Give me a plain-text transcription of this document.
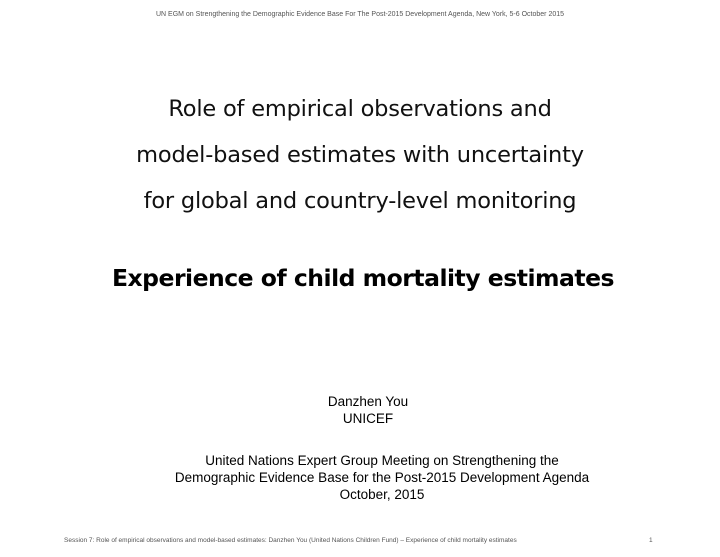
UN EGM on Strengthening the Demographic Evidence Base For The Post-2015 Development Agenda, New York, 5-6 October 2015
Role of empirical observations and
model-based estimates with uncertainty
for global and country-level monitoring
Experience of child mortality estimates
Danzhen You
UNICEF
United Nations Expert Group Meeting on Strengthening the
Demographic Evidence Base for the Post-2015 Development Agenda
October, 2015
Session 7: Role of empirical observations and model-based estimates: Danzhen You (United Nations Children Fund) – Experience of child mortality estimates	1
